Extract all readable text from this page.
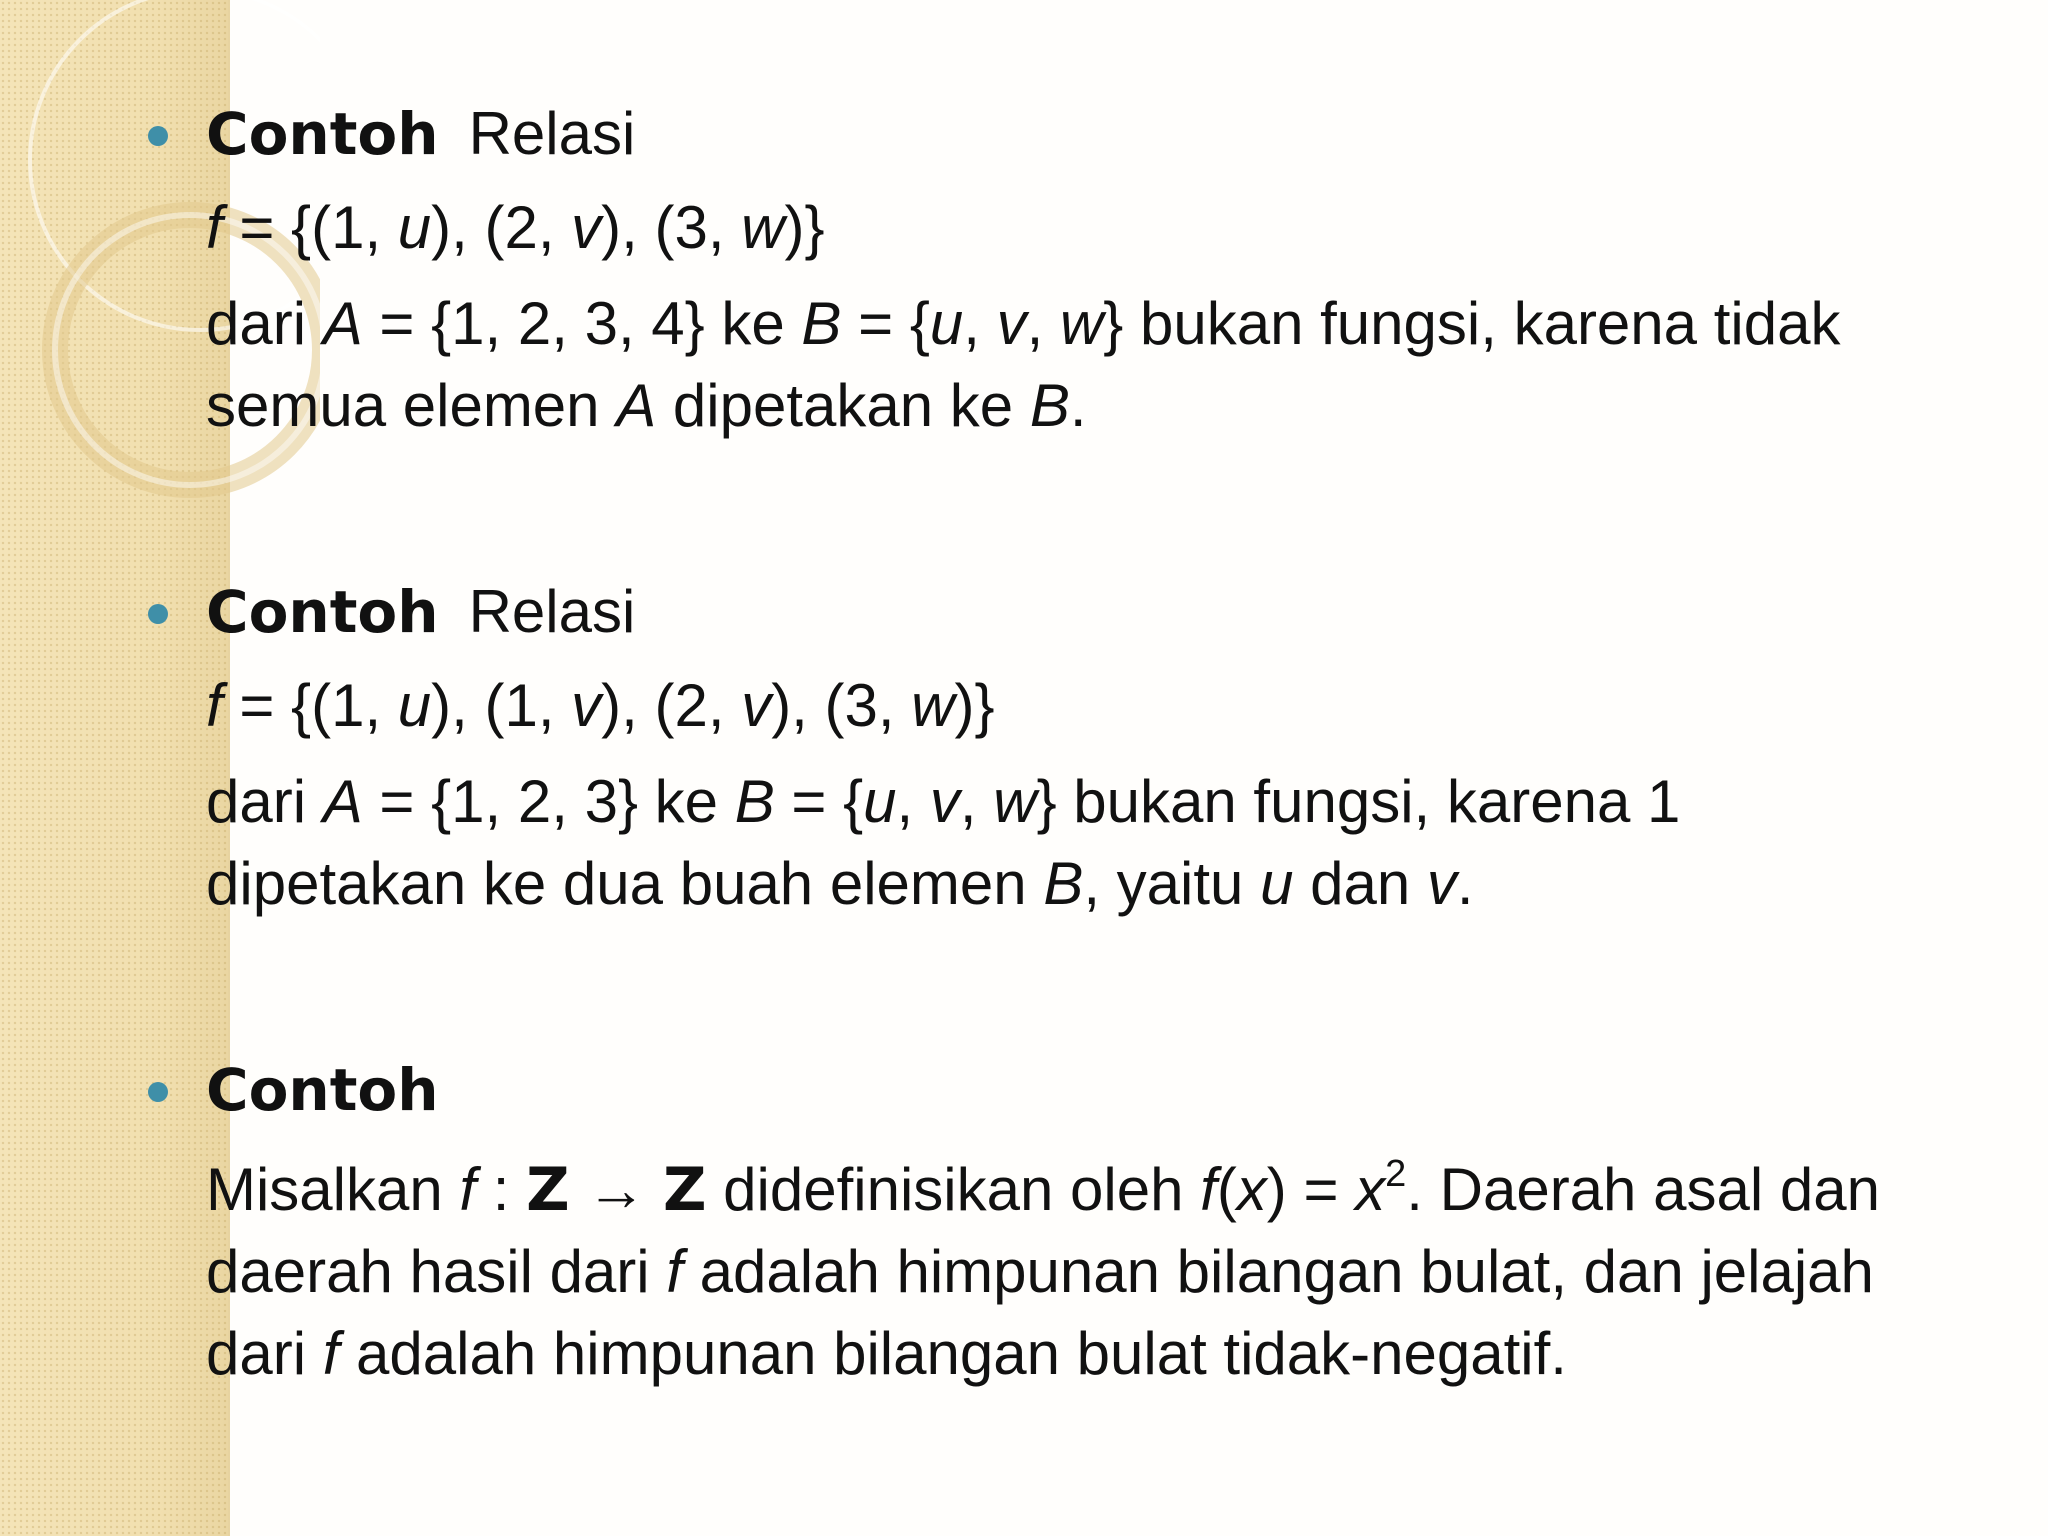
Contoh Relasi
f = {(1, u), (2, v), (3, w)}
dari A = {1, 2, 3, 4} ke B = {u, v, w} bukan fungsi, karena tidak
semua elemen A dipetakan ke B.
Contoh Relasi
f = {(1, u), (1, v), (2, v), (3, w)}
dari A = {1, 2, 3} ke B = {u, v, w} bukan fungsi, karena 1
dipetakan ke dua buah elemen B, yaitu u dan v.
Contoh
Misalkan f : Z → Z didefinisikan oleh $f(x) = x^2$. Daerah asal dan
daerah hasil dari f adalah himpunan bilangan bulat, dan jelajah
dari f adalah himpunan bilangan bulat tidak-negatif.
